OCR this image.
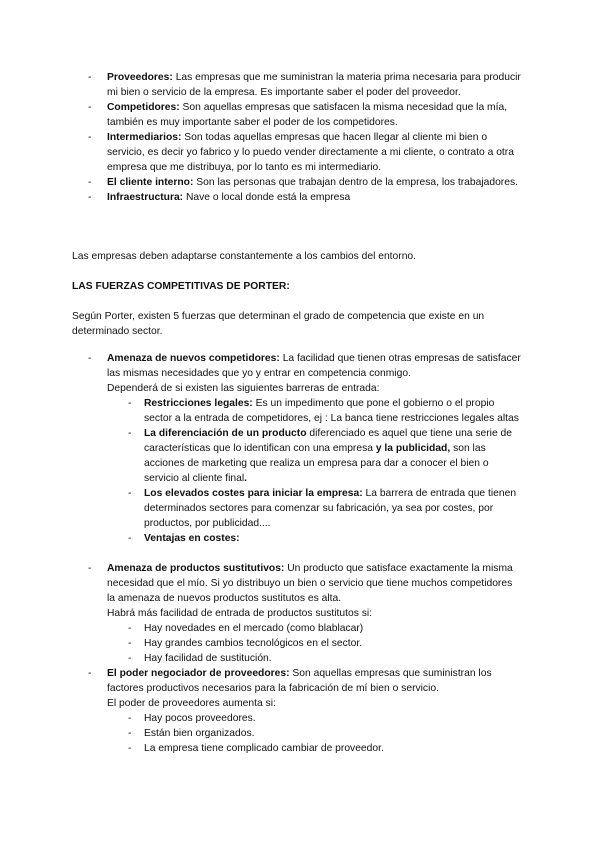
- Proveedores: Las empresas que me suministran la materia prima necesaria para producir mi bien o servicio de la empresa. Es importante saber el poder del proveedor.
- Competidores: Son aquellas empresas que satisfacen la misma necesidad que la mía, también es muy importante saber el poder de los competidores.
- Intermediarios: Son todas aquellas empresas que hacen llegar al cliente mi bien o servicio, es decir yo fabrico y lo puedo vender directamente a mi cliente, o contrato a otra empresa que me distribuya, por lo tanto es mi intermediario.
- El cliente interno: Son las personas que trabajan dentro de la empresa, los trabajadores.
- Infraestructura: Nave o local donde está la empresa
Las empresas deben adaptarse constantemente a los cambios del entorno.
LAS FUERZAS COMPETITIVAS DE PORTER:
Según Porter, existen 5 fuerzas que determinan el grado de competencia que existe en un determinado sector.
- Amenaza de nuevos competidores: La facilidad que tienen otras empresas de satisfacer las mismas necesidades que yo y entrar en competencia conmigo.
Dependerá de si existen las siguientes barreras de entrada:
- Restricciones legales: Es un impedimento que pone el gobierno o el propio sector a la entrada de competidores, ej : La banca tiene restricciones legales altas
- La diferenciación de un producto diferenciado es aquel que tiene una serie de características que lo identifican con una empresa y la publicidad, son las acciones de marketing que realiza un empresa para dar a conocer el bien o servicio al cliente final.
- Los elevados costes para iniciar la empresa: La barrera de entrada que tienen determinados sectores para comenzar su fabricación, ya sea por costes, por productos, por publicidad....
- Ventajas en costes:
- Amenaza de productos sustitutivos: Un producto que satisface exactamente la misma necesidad que el mío. Si yo distribuyo un bien o servicio que tiene muchos competidores la amenaza de nuevos productos sustitutos es alta.
Habrá más facilidad de entrada de productos sustitutos si:
- Hay novedades en el mercado (como blablacar)
- Hay grandes cambios tecnológicos en el sector.
- Hay facilidad de sustitución.
- El poder negociador de proveedores: Son aquellas empresas que suministran los factores productivos necesarios para la fabricación de mí bien o servicio.
El poder de proveedores aumenta si:
- Hay pocos proveedores.
- Están bien organizados.
- La empresa tiene complicado cambiar de proveedor.
